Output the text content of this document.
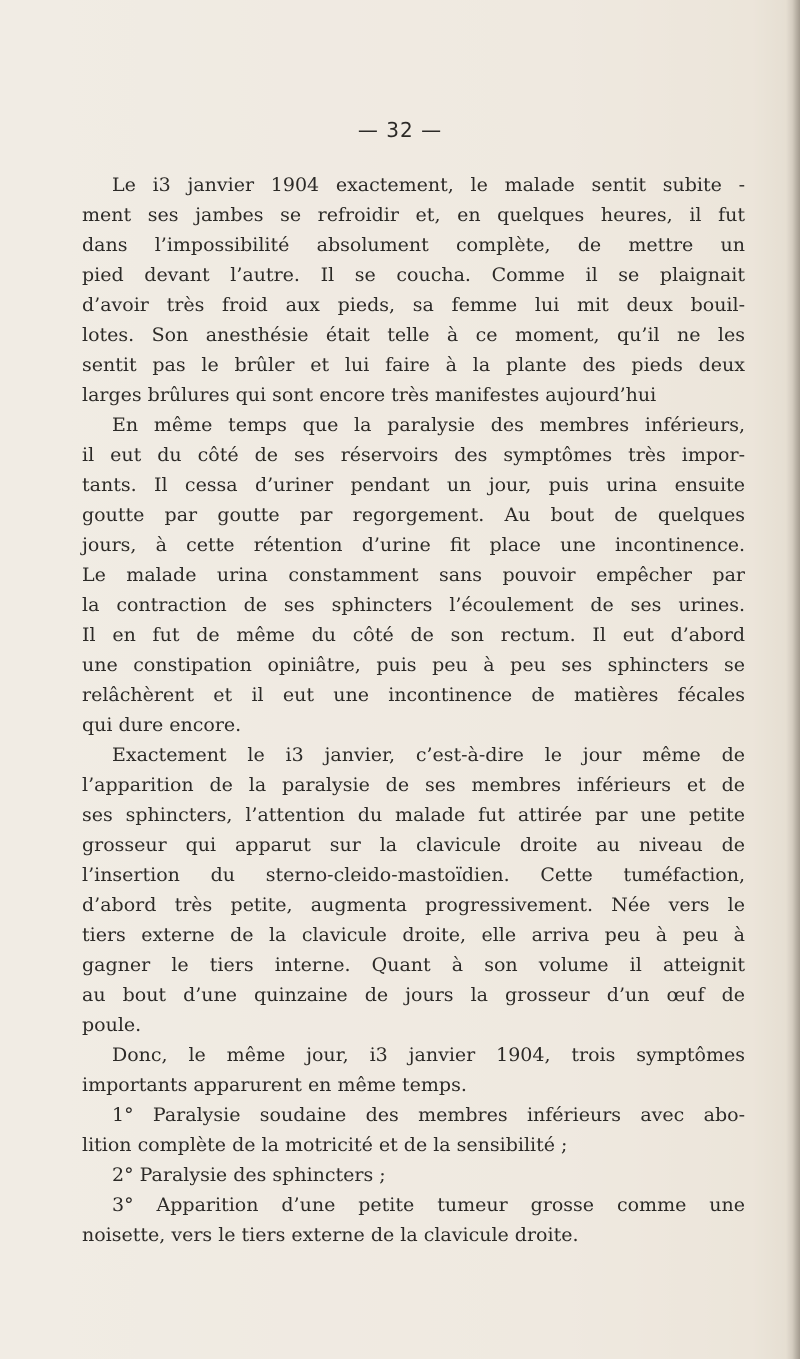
— 32 —
Le i3 janvier 1904 exactement, le malade sentit subite -
ment ses jambes se refroidir et, en quelques heures, il fut
dans l’impossibilité absolument complète, de mettre un
pied devant l’autre. Il se coucha. Comme il se plaignait
d’avoir très froid aux pieds, sa femme lui mit deux bouil-
lotes. Son anesthésie était telle à ce moment, qu’il ne les
sentit pas le brûler et lui faire à la plante des pieds deux
larges brûlures qui sont encore très manifestes aujourd’hui
En même temps que la paralysie des membres inférieurs,
il eut du côté de ses réservoirs des symptômes très impor-
tants. Il cessa d’uriner pendant un jour, puis urina ensuite
goutte par goutte par regorgement. Au bout de quelques
jours, à cette rétention d’urine fit place une incontinence.
Le malade urina constamment sans pouvoir empêcher par
la contraction de ses sphincters l’écoulement de ses urines.
Il en fut de même du côté de son rectum. Il eut d’abord
une constipation opiniâtre, puis peu à peu ses sphincters se
relâchèrent et il eut une incontinence de matières fécales
qui dure encore.
Exactement le i3 janvier, c’est-à-dire le jour même de
l’apparition de la paralysie de ses membres inférieurs et de
ses sphincters, l’attention du malade fut attirée par une petite
grosseur qui apparut sur la clavicule droite au niveau de
l’insertion du sterno-cleido-mastoïdien. Cette tuméfaction,
d’abord très petite, augmenta progressivement. Née vers le
tiers externe de la clavicule droite, elle arriva peu à peu à
gagner le tiers interne. Quant à son volume il atteignit
au bout d’une quinzaine de jours la grosseur d’un œuf de
poule.
Donc, le même jour, i3 janvier 1904, trois symptômes
importants apparurent en même temps.
1° Paralysie soudaine des membres inférieurs avec abo-
lition complète de la motricité et de la sensibilité ;
2° Paralysie des sphincters ;
3° Apparition d’une petite tumeur grosse comme une
noisette, vers le tiers externe de la clavicule droite.
